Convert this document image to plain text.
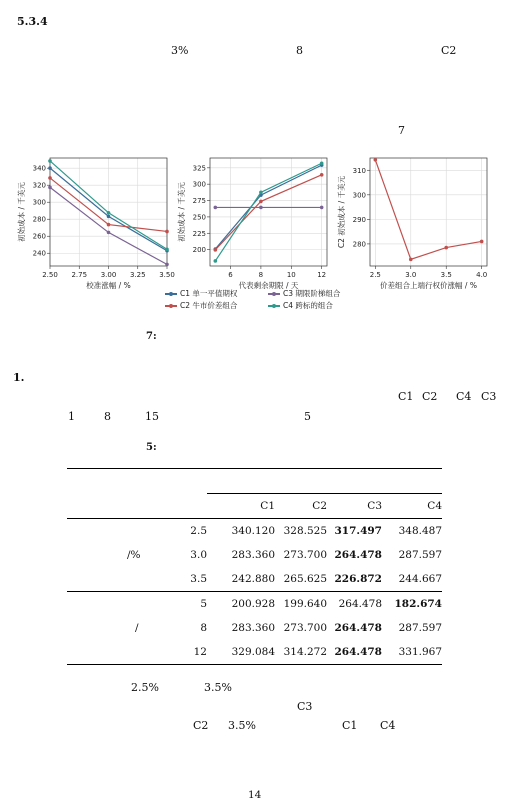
5.3.4
3%	8	C2
7
2.50 2.75 3.00 3.25 3.50
240
260
280
300
320
340
校准涨幅 / %
初始成本 / 千美元
6	8	10	12
200
225
250
275
300
325
代表剩余期限 / 天
初始成本 / 千美元
2.5	3.0	3.5	4.0
280
290
300
310
价差组合上端行权价涨幅 / %
C2 初始成本 / 千美元
C1 单一平值期权	C3 期限阶梯组合
C2 牛市价差组合	C4 跨标的组合
7:
1.
C1 C2 C4 C3
1	8	15	5
5:

			C1	C2	C3	C4
		2.5	340.120	328.525	317.497	348.487
	/%	3.0	283.360	273.700	264.478	287.597
		3.5	242.880	265.625	226.872	244.667
		5	200.928	199.640	264.478	182.674
	/	8	283.360	273.700	264.478	287.597
		12	329.084	314.272	264.478	331.967
2.5%	3.5%
C3
C2 3.5%	C1 C4
14
